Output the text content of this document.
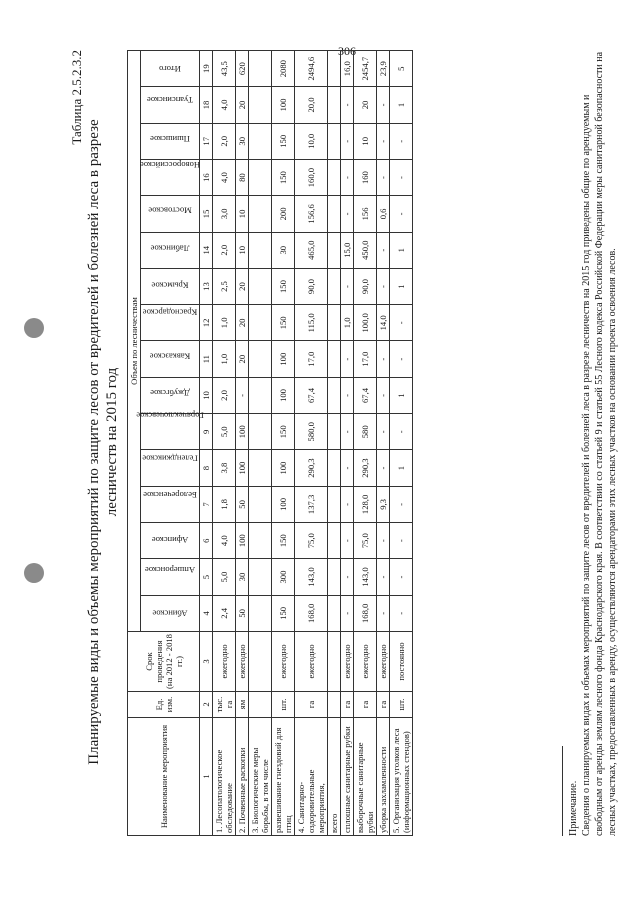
306
Таблица 2.5.2.3.2
Планируемые виды и объемы мероприятий по защите лесов от вредителей и болезней леса в разрезе лесничеств на 2015 год
Наименование мероприятия	Ед. изм.	Срок проведения (на 2012 - 2018 гг.)	Объем по лесничествам															
			Абинское	Апшеронское	Афипское	Белореченское	Геленджикское	Горячеключевское	Джубгское	Кавказское	Краснодарское	Крымское	Лабинское	Мостовское	Новороссийское	Пшишское	Туапсинское	Итого
1	2	3	4	5	6	7	8	9	10	11	12	13	14	15	16	17	18	19
1. Лесопатологическое обследование	тыс. га	ежегодно	2,4	5,0	4,0	1,8	3,8	5,0	2,0	1,0	1,0	2,5	2,0	3,0	4,0	2,0	4,0	43,5
2. Почвенные раскопки	ям	ежегодно	50	30	100	50	100	100	-	20	20	20	10	10	80	30	20	620
3. Биологические меры борьбы, в том числе																		
развешивание гнездовий для птиц	шт.	ежегодно	150	300	150	100	100	150	100	100	150	150	30	200	150	150	100	2080
4. Санитарно-оздоровительные мероприятия,	га	ежегодно	168,0	143,0	75,0	137,3	290,3	580,0	67,4	17,0	115,0	90,0	465,0	156,6	160,0	10,0	20,0	2494,6
всего																		
сплошные санитарные рубки	га	ежегодно	-	-	-	-	-	-	-	-	1,0	-	15,0	-	-	-	-	16,0
выборочные санитарные рубки	га	ежегодно	168,0	143,0	75,0	128,0	290,3	580	67,4	17,0	100,0	90,0	450,0	156	160	10	20	2454,7
уборка захламленности	га	ежегодно	-	-	-	9,3	-	-	-	-	14,0	-	-	0,6	-	-	-	23,9
5. Организация уголков леса (информационных стендов)	шт.	постоянно	-	-	-	-	1	-	1	-	-	1	1	-	-	-	1	5
Примечание. Сведения о планируемых видах и объемах мероприятий по защите лесов от вредителей и болезней леса в разрезе лесничеств на 2015 год приведены общие по арендуемым и свободным от аренды землям лесного фонда Краснодарского края. В соответствии со статьей 9 и статьей 55 Лесного кодекса Российской Федерации меры санитарной безопасности на лесных участках, предоставленных в аренду, осуществляются арендаторами этих лесных участков на основании проекта освоения лесов.
